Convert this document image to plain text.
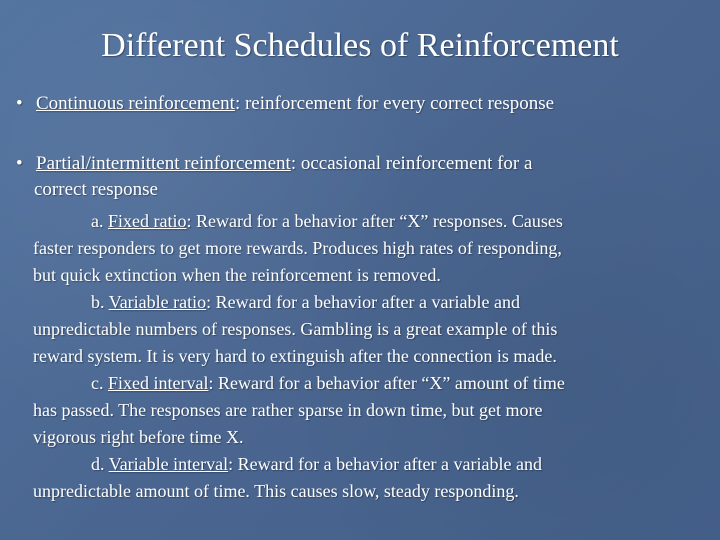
Different Schedules of Reinforcement
• Continuous reinforcement: reinforcement for every correct response
• Partial/intermittent reinforcement: occasional reinforcement for a
correct response

a. Fixed ratio: Reward for a behavior after “X” responses. Causes
faster responders to get more rewards. Produces high rates of responding,
but quick extinction when the reinforcement is removed.

b. Variable ratio: Reward for a behavior after a variable and
unpredictable numbers of responses. Gambling is a great example of this
reward system. It is very hard to extinguish after the connection is made.

c. Fixed interval: Reward for a behavior after “X” amount of time
has passed. The responses are rather sparse in down time, but get more
vigorous right before time X.

d. Variable interval: Reward for a behavior after a variable and
unpredictable amount of time. This causes slow, steady responding.
